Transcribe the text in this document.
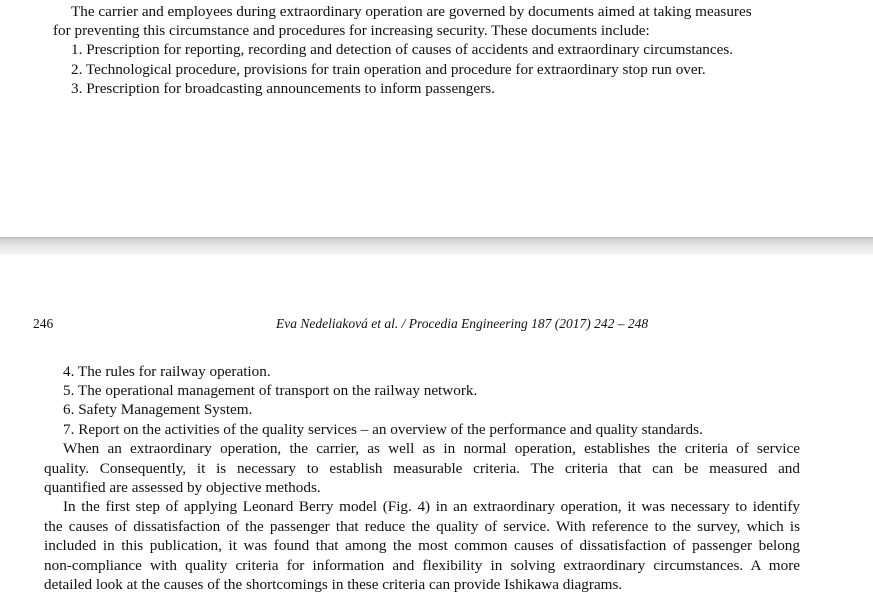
The carrier and employees during extraordinary operation are governed by documents aimed at taking measures
for preventing this circumstance and procedures for increasing security. These documents include:
1. Prescription for reporting, recording and detection of causes of accidents and extraordinary circumstances.
2. Technological procedure, provisions for train operation and procedure for extraordinary stop run over.
3. Prescription for broadcasting announcements to inform passengers.
246	Eva Nedeliaková et al. / Procedia Engineering 187 (2017) 242 – 248
4. The rules for railway operation.
5. The operational management of transport on the railway network.
6. Safety Management System.
7. Report on the activities of the quality services – an overview of the performance and quality standards.
When an extraordinary operation, the carrier, as well as in normal operation, establishes the criteria of service
quality. Consequently, it is necessary to establish measurable criteria. The criteria that can be measured and
quantified are assessed by objective methods.
In the first step of applying Leonard Berry model (Fig. 4) in an extraordinary operation, it was necessary to identify
the causes of dissatisfaction of the passenger that reduce the quality of service. With reference to the survey, which is
included in this publication, it was found that among the most common causes of dissatisfaction of passenger belong
non-compliance with quality criteria for information and flexibility in solving extraordinary circumstances. A more
detailed look at the causes of the shortcomings in these criteria can provide Ishikawa diagrams.
